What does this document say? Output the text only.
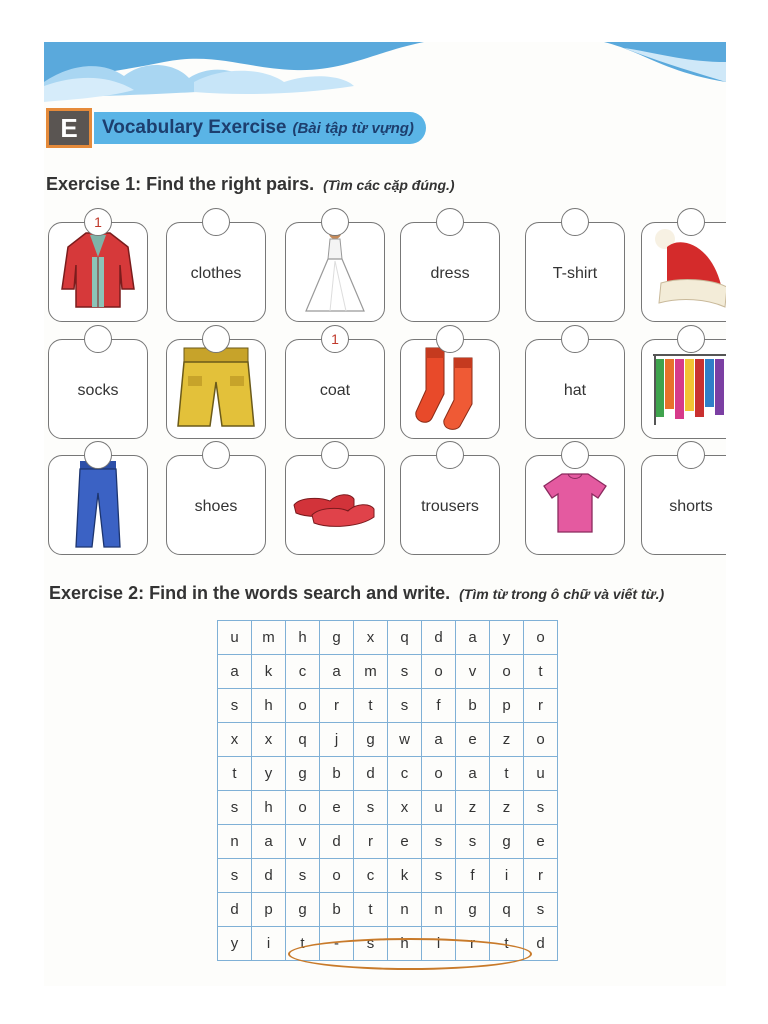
E	Vocabulary Exercise (Bài tập từ vựng)
Exercise 1: Find the right pairs. (Tìm các cặp đúng.)
1
clothes	dress	T-shirt
socks
1
coat	hat
shoes	trousers	shorts
Exercise 2: Find in the words search and write. (Tìm từ trong ô chữ và viết từ.)
u	m	h	g	x	q	d	a	y	o
a	k	c	a	m	s	o	v	o	t
s	h	o	r	t	s	f	b	p	r
x	x	q	j	g	w	a	e	z	o
t	y	g	b	d	c	o	a	t	u
s	h	o	e	s	x	u	z	z	s
n	a	v	d	r	e	s	s	g	e
s	d	s	o	c	k	s	f	i	r
d	p	g	b	t	n	n	g	q	s
y	i	t	-	s	h	i	r	t	d
